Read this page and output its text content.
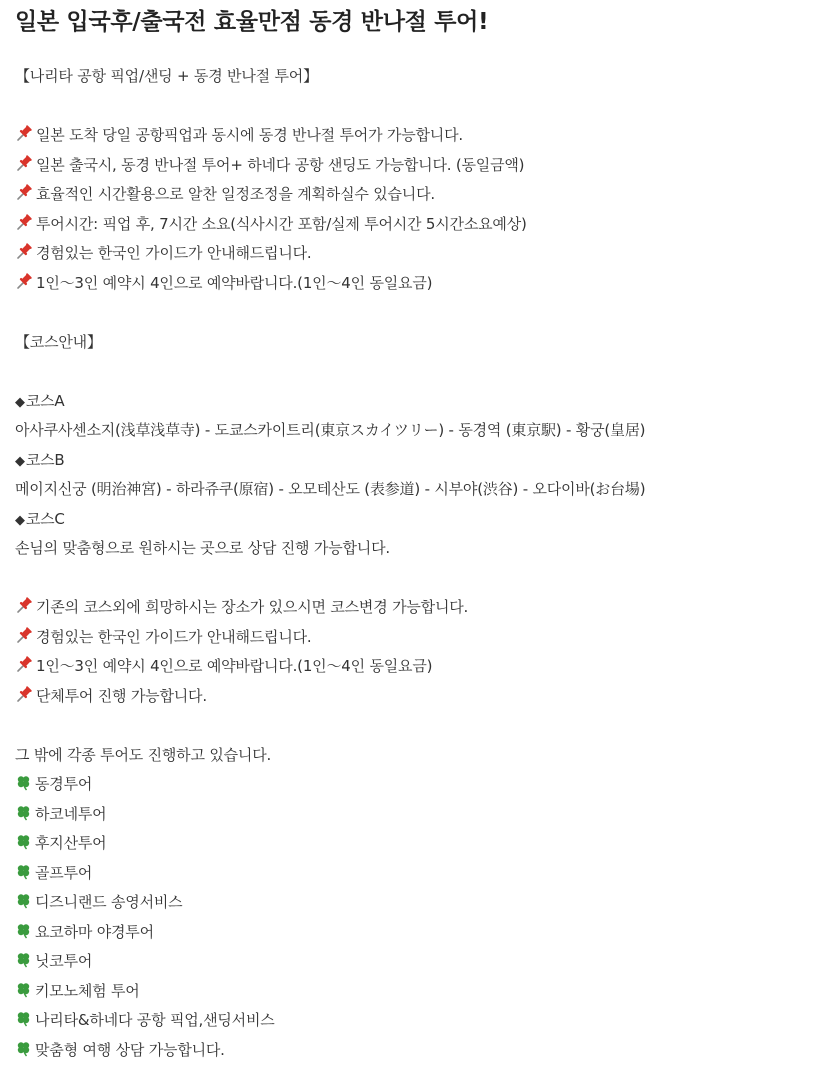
일본 입국후/출국전 효율만점 동경 반나절 투어!
【나리타 공항 픽업/샌딩 + 동경 반나절 투어】
일본 도착 당일 공항픽업과 동시에 동경 반나절 투어가 가능합니다.
일본 출국시, 동경 반나절 투어+ 하네다 공항 샌딩도 가능합니다. (동일금액)
효율적인 시간활용으로 알찬 일정조정을 계획하실수 있습니다.
투어시간: 픽업 후, 7시간 소요(식사시간 포함/실제 투어시간 5시간소요예상)
경험있는 한국인 가이드가 안내해드립니다.
1인～3인 예약시 4인으로 예약바랍니다.(1인～4인 동일요금)
【코스안내】
◆코스A
아사쿠사센소지(浅草浅草寺) - 도쿄스카이트리(東京スカイツリー) - 동경역 (東京駅) - 황궁(皇居)
◆코스B
메이지신궁 (明治神宮) - 하라쥬쿠(原宿) - 오모테산도 (表参道) - 시부야(渋谷) - 오다이바(お台場)
◆코스C
손님의 맞춤형으로 원하시는 곳으로 상담 진행 가능합니다.
기존의 코스외에 희망하시는 장소가 있으시면 코스변경 가능합니다.
경험있는 한국인 가이드가 안내해드립니다.
1인～3인 예약시 4인으로 예약바랍니다.(1인～4인 동일요금)
단체투어 진행 가능합니다.
그 밖에 각종 투어도 진행하고 있습니다.
동경투어
하코네투어
후지산투어
골프투어
디즈니랜드 송영서비스
요코하마 야경투어
닛코투어
키모노체험 투어
나리타&하네다 공항 픽업,샌딩서비스
맞춤형 여행 상담 가능합니다.
